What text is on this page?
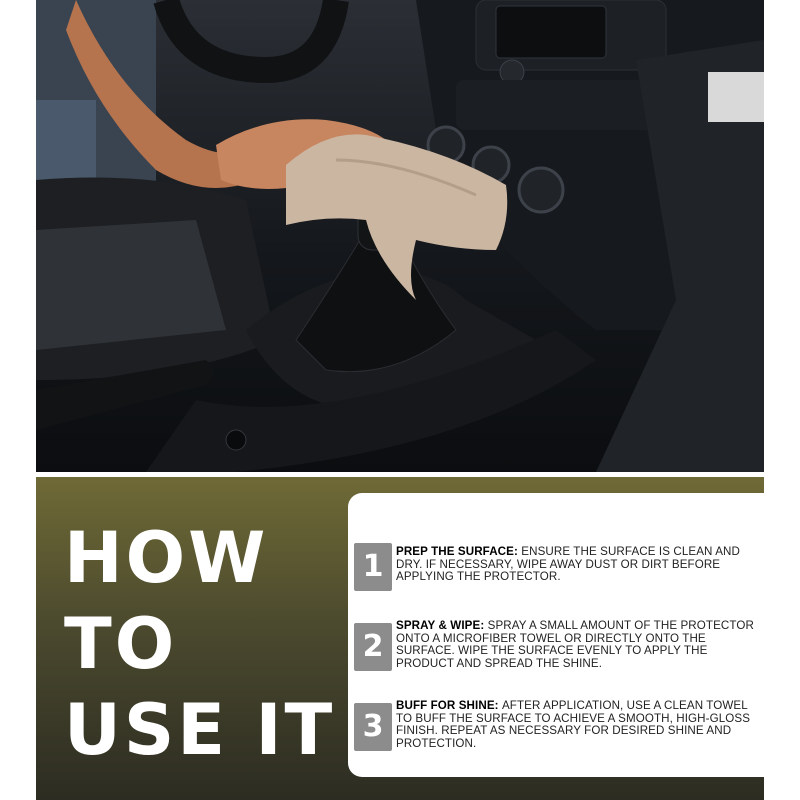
HOW
TO
USE IT
1	PREP THE SURFACE: ENSURE THE SURFACE IS CLEAN AND DRY. IF NECESSARY, WIPE AWAY DUST OR DIRT BEFORE APPLYING THE PROTECTOR.
2
SPRAY & WIPE: SPRAY A SMALL AMOUNT OF THE PROTECTOR ONTO A MICROFIBER TOWEL OR DIRECTLY ONTO THE SURFACE. WIPE THE SURFACE EVENLY TO APPLY THE PRODUCT AND SPREAD THE SHINE.
3
BUFF FOR SHINE: AFTER APPLICATION, USE A CLEAN TOWEL TO BUFF THE SURFACE TO ACHIEVE A SMOOTH, HIGH-GLOSS FINISH. REPEAT AS NECESSARY FOR DESIRED SHINE AND PROTECTION.
